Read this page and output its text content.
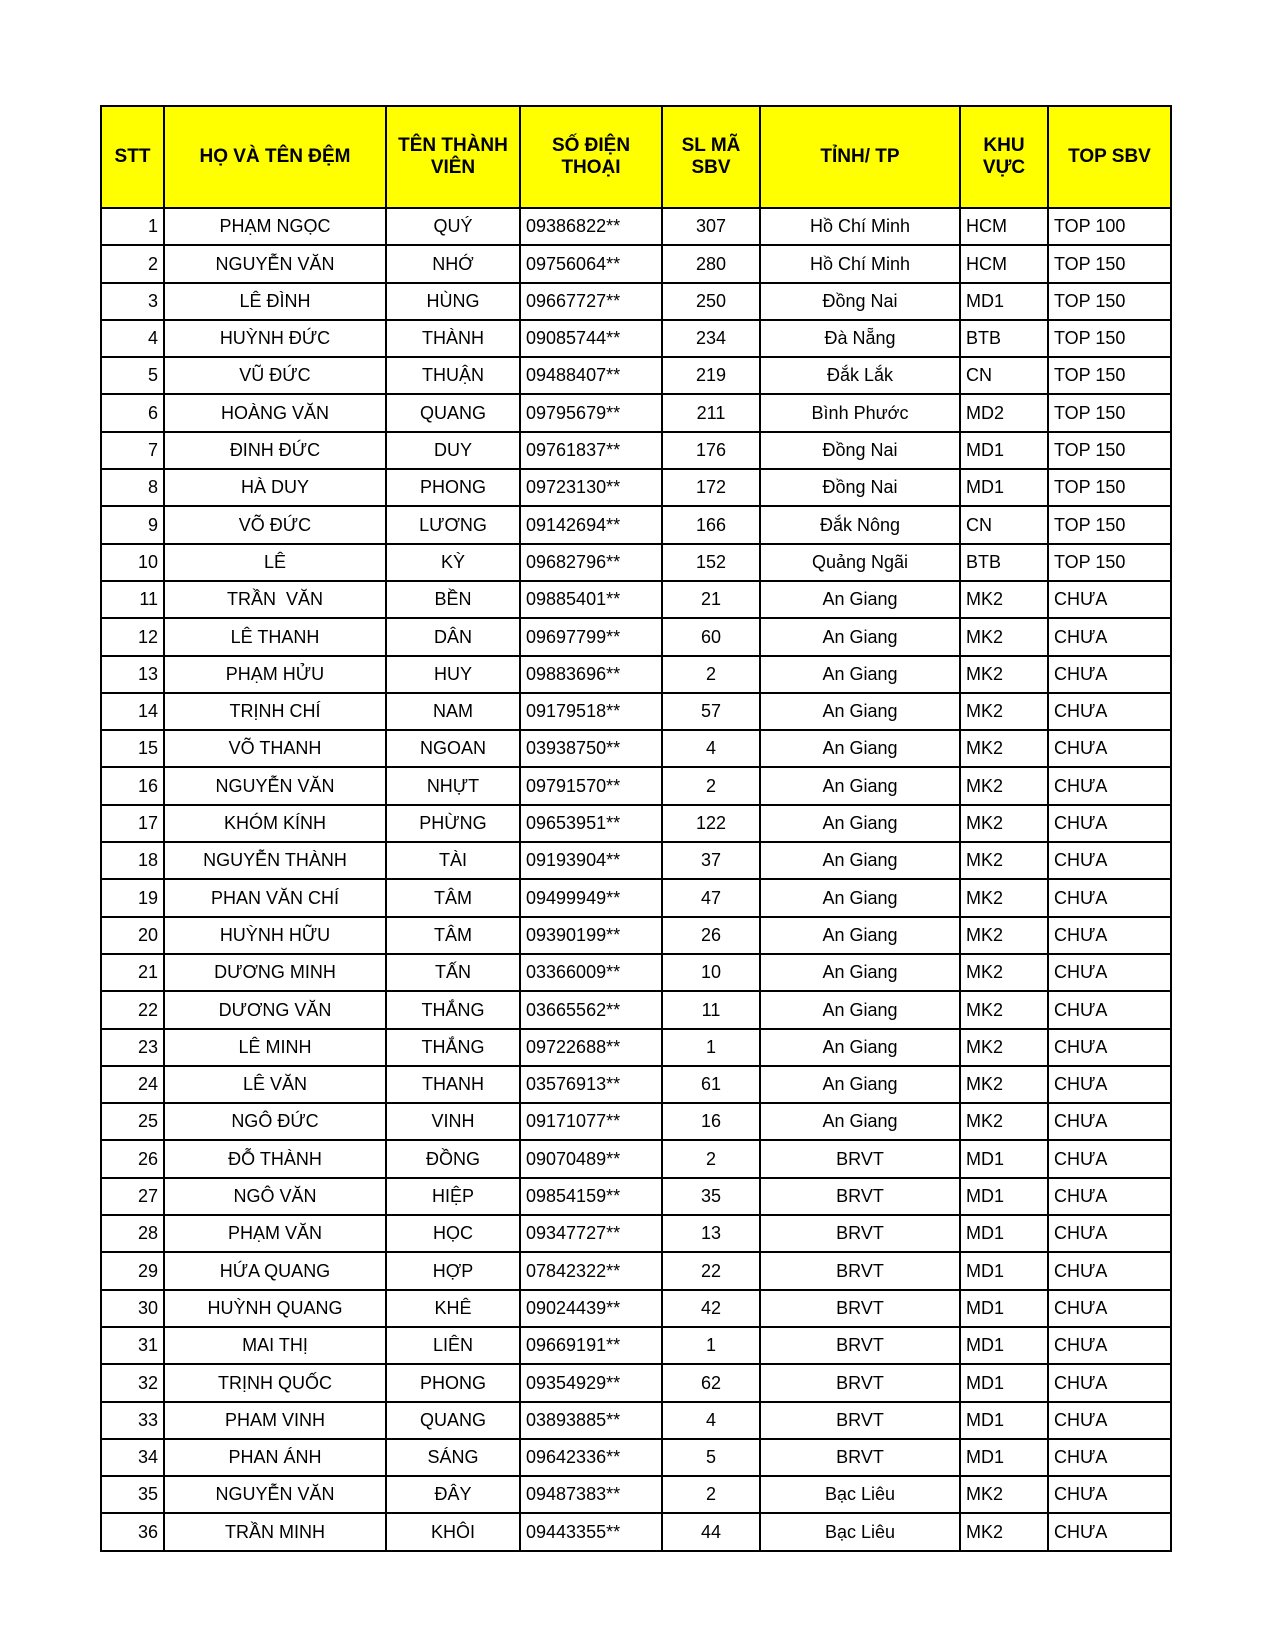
STT	HỌ VÀ TÊN ĐỆM	TÊN THÀNH VIÊN	SỐ ĐIỆN THOẠI	SL MÃ SBV	TỈNH/ TP	KHU VỰC	TOP SBV
1	PHẠM NGỌC	QUÝ	09386822**	307	Hồ Chí Minh	HCM	TOP 100
2	NGUYỄN VĂN	NHỚ	09756064**	280	Hồ Chí Minh	HCM	TOP 150
3	LÊ ĐÌNH	HÙNG	09667727**	250	Đồng Nai	MD1	TOP 150
4	HUỲNH ĐỨC	THÀNH	09085744**	234	Đà Nẵng	BTB	TOP 150
5	VŨ ĐỨC	THUẬN	09488407**	219	Đắk Lắk	CN	TOP 150
6	HOÀNG VĂN	QUANG	09795679**	211	Bình Phước	MD2	TOP 150
7	ĐINH ĐỨC	DUY	09761837**	176	Đồng Nai	MD1	TOP 150
8	HÀ DUY	PHONG	09723130**	172	Đồng Nai	MD1	TOP 150
9	VÕ ĐỨC	LƯƠNG	09142694**	166	Đắk Nông	CN	TOP 150
10	LÊ	KỲ	09682796**	152	Quảng Ngãi	BTB	TOP 150
11	TRẦN  VĂN	BỀN	09885401**	21	An Giang	MK2	CHƯA
12	LÊ THANH	DÂN	09697799**	60	An Giang	MK2	CHƯA
13	PHẠM HỬU	HUY	09883696**	2	An Giang	MK2	CHƯA
14	TRỊNH CHÍ	NAM	09179518**	57	An Giang	MK2	CHƯA
15	VÕ THANH	NGOAN	03938750**	4	An Giang	MK2	CHƯA
16	NGUYỄN VĂN	NHỰT	09791570**	2	An Giang	MK2	CHƯA
17	KHÓM KÍNH	PHỪNG	09653951**	122	An Giang	MK2	CHƯA
18	NGUYỄN THÀNH	TÀI	09193904**	37	An Giang	MK2	CHƯA
19	PHAN VĂN CHÍ	TÂM	09499949**	47	An Giang	MK2	CHƯA
20	HUỲNH HỮU	TÂM	09390199**	26	An Giang	MK2	CHƯA
21	DƯƠNG MINH	TẤN	03366009**	10	An Giang	MK2	CHƯA
22	DƯƠNG VĂN	THẮNG	03665562**	11	An Giang	MK2	CHƯA
23	LÊ MINH	THẮNG	09722688**	1	An Giang	MK2	CHƯA
24	LÊ VĂN	THANH	03576913**	61	An Giang	MK2	CHƯA
25	NGÔ ĐỨC	VINH	09171077**	16	An Giang	MK2	CHƯA
26	ĐỖ THÀNH	ĐỒNG	09070489**	2	BRVT	MD1	CHƯA
27	NGÔ VĂN	HIỆP	09854159**	35	BRVT	MD1	CHƯA
28	PHẠM VĂN	HỌC	09347727**	13	BRVT	MD1	CHƯA
29	HỨA QUANG	HỢP	07842322**	22	BRVT	MD1	CHƯA
30	HUỲNH QUANG	KHÊ	09024439**	42	BRVT	MD1	CHƯA
31	MAI THỊ	LIÊN	09669191**	1	BRVT	MD1	CHƯA
32	TRỊNH QUỐC	PHONG	09354929**	62	BRVT	MD1	CHƯA
33	PHAM VINH	QUANG	03893885**	4	BRVT	MD1	CHƯA
34	PHAN ÁNH	SÁNG	09642336**	5	BRVT	MD1	CHƯA
35	NGUYỄN VĂN	ĐÂY	09487383**	2	Bạc Liêu	MK2	CHƯA
36	TRẦN MINH	KHÔI	09443355**	44	Bạc Liêu	MK2	CHƯA
